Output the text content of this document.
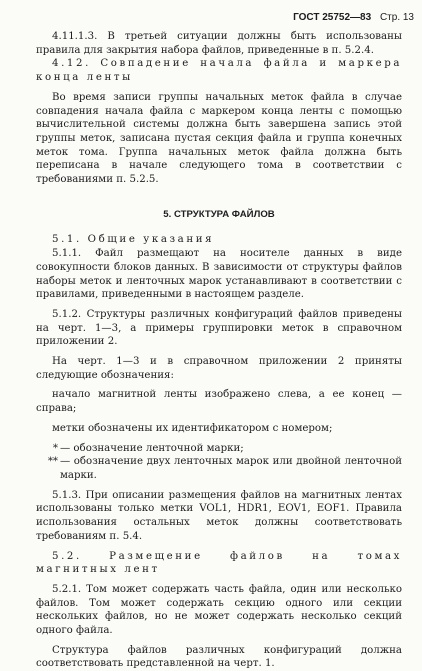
ГОСТ 25752—83 Стр. 13

4.11.1.3. В третьей ситуации должны быть использованы правила для закрытия набора файлов, приведенные в п. 5.2.4.

4.12. Совпадение начала файла и маркера конца ленты

Во время записи группы начальных меток файла в случае совпадения начала файла с маркером конца ленты с помощью вычислительной системы должна быть завершена запись этой группы меток, записана пустая секция файла и группа конечных меток тома. Группа начальных меток файла должна быть переписана в начале следующего тома в соответствии с требованиями п. 5.2.5.

5. СТРУКТУРА ФАЙЛОВ

5.1. Общие указания

5.1.1. Файл размещают на носителе данных в виде совокупности блоков данных. В зависимости от структуры файлов наборы меток и ленточных марок устанавливают в соответствии с правилами, приведенными в настоящем разделе.

5.1.2. Структуры различных конфигураций файлов приведены на черт. 1—3, а примеры группировки меток в справочном приложении 2.

На черт. 1—3 и в справочном приложении 2 приняты следующие обозначения:

начало магнитной ленты изображено слева, а ее конец — справа;

метки обозначены их идентификатором с номером;

* — обозначение ленточной марки;
** — обозначение двух ленточных марок или двойной ленточной марки.

5.1.3. При описании размещения файлов на магнитных лентах использованы только метки VOL1, HDR1, EOV1, EOF1. Правила использования остальных меток должны соответствовать требованиям п. 5.4.

5.2. Размещение файлов на томах магнитных лент

5.2.1. Том может содержать часть файла, один или несколько файлов. Том может содержать секцию одного или секции нескольких файлов, но не может содержать несколько секций одного файла.

Структура файлов различных конфигураций должна соответствовать представленной на черт. 1.
